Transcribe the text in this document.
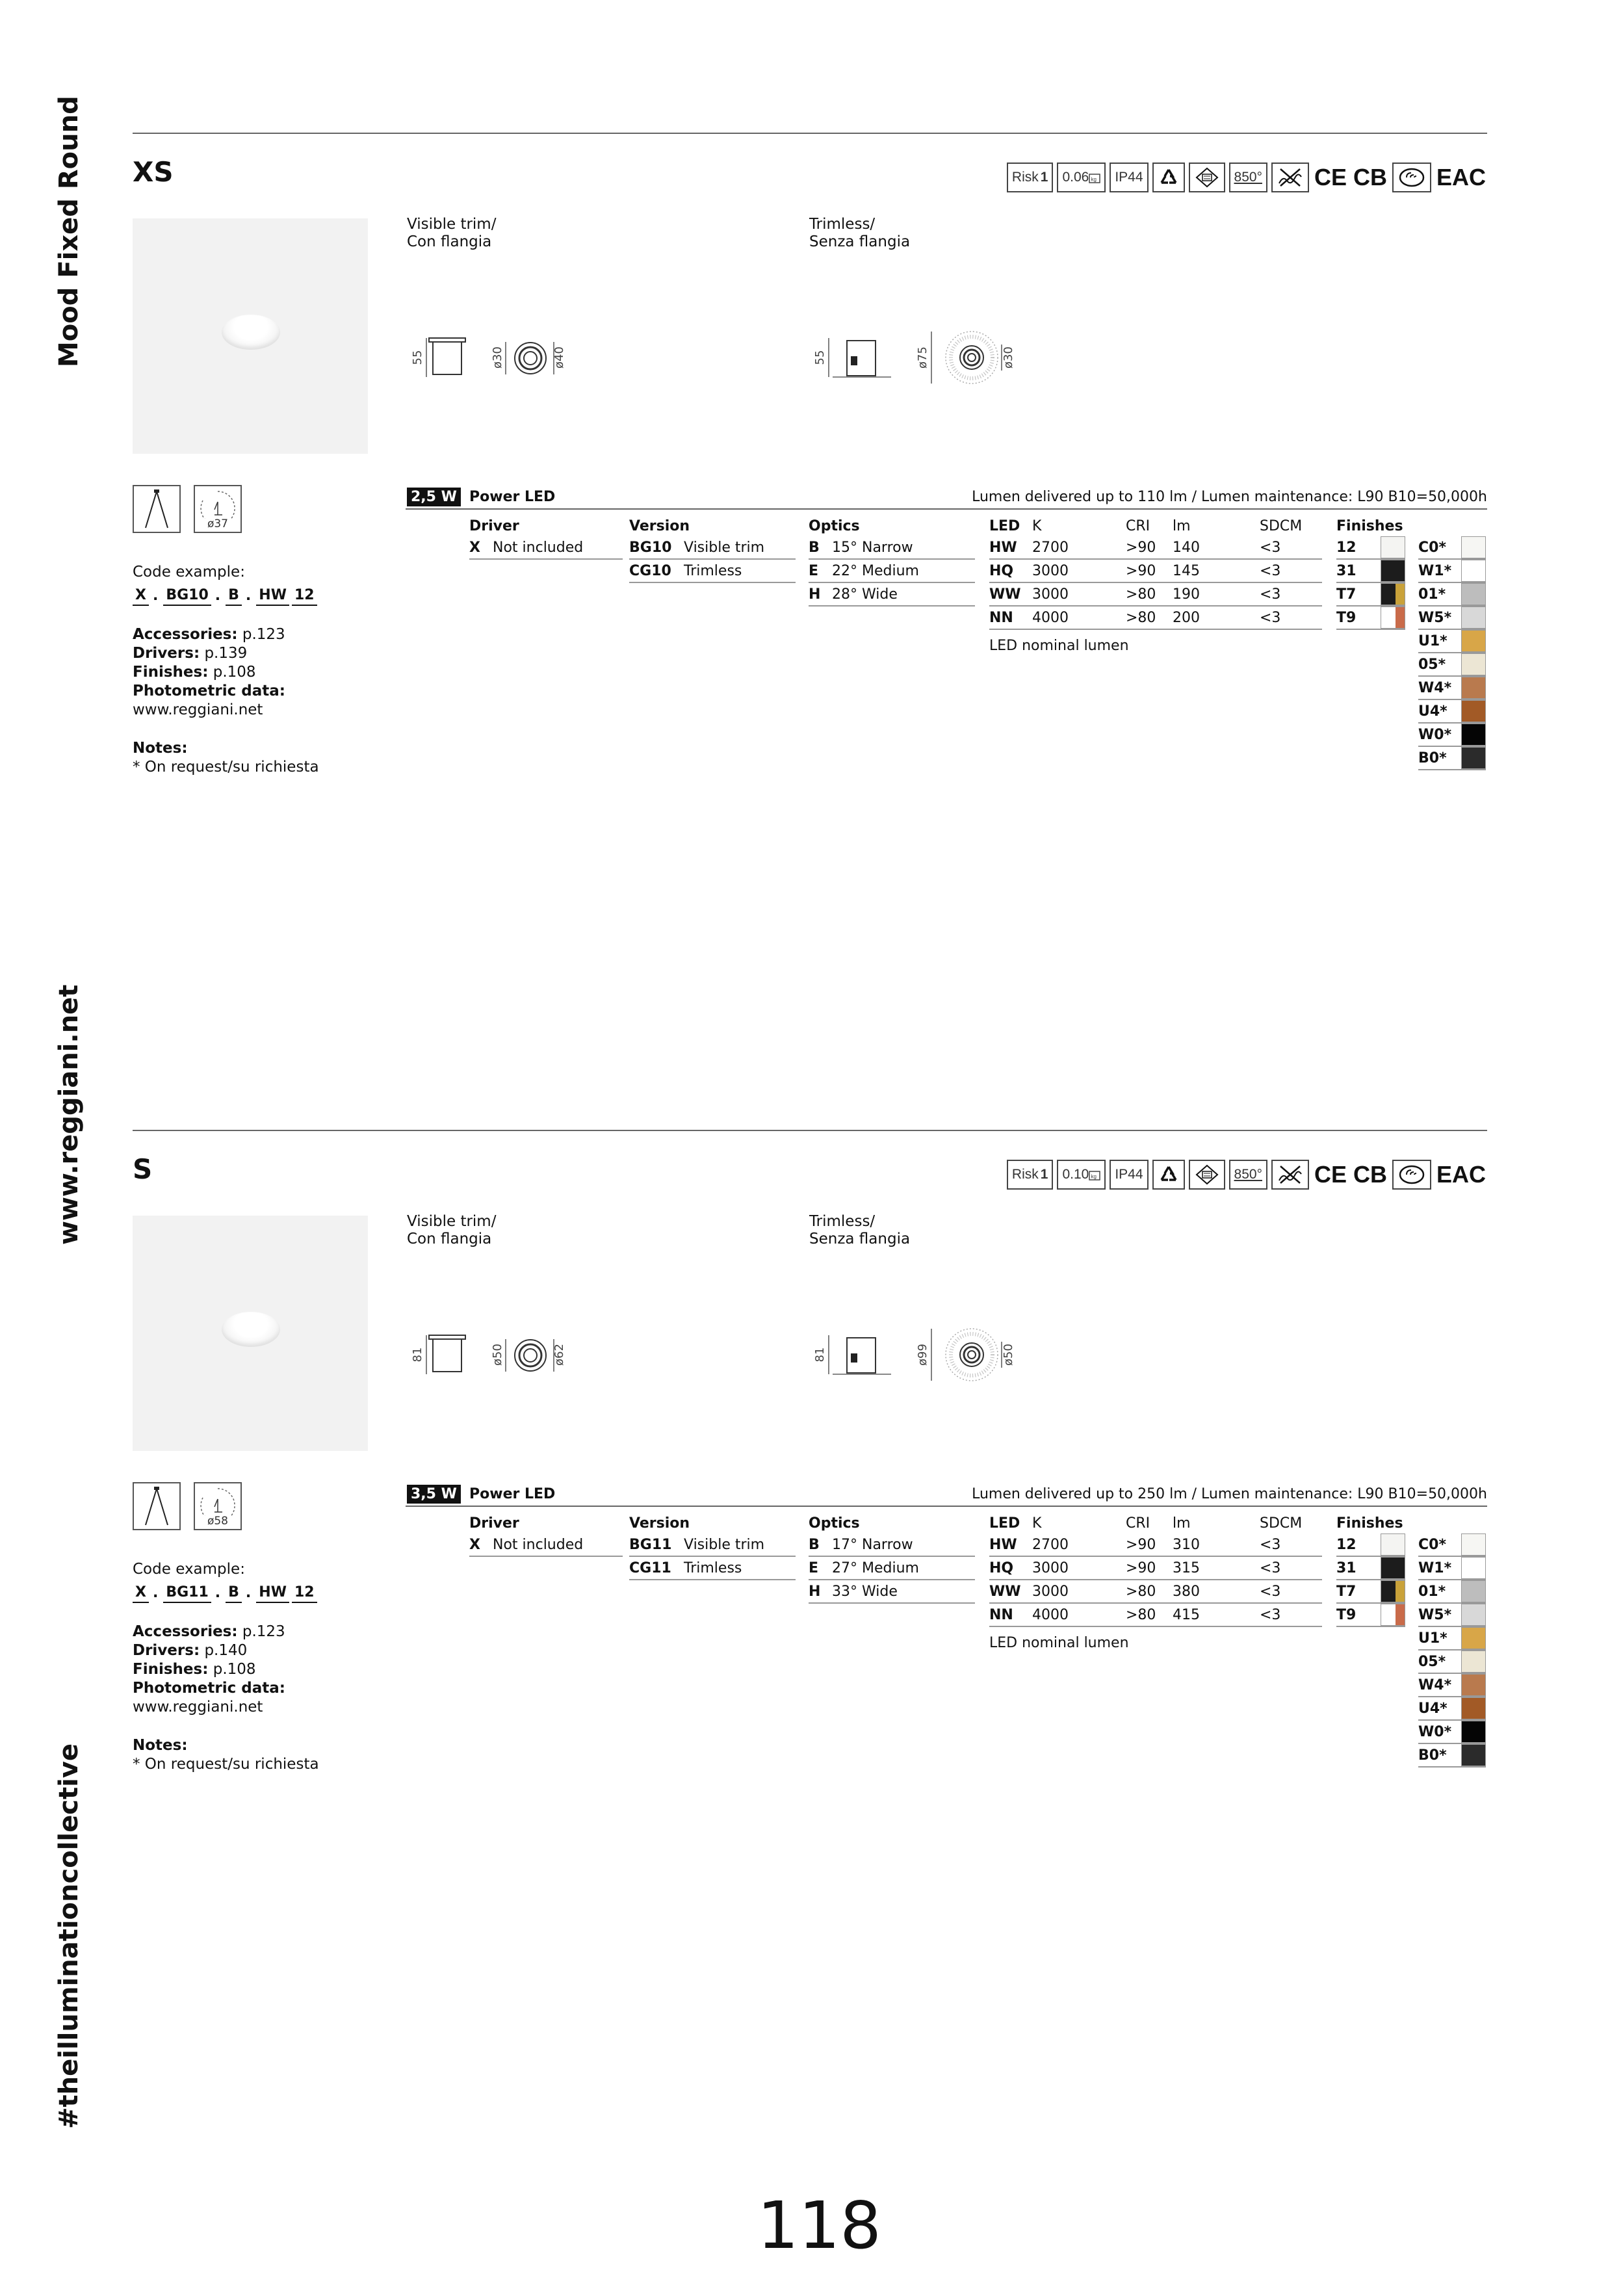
Mood Fixed Round
www.reggiani.net
#theilluminationcollective
XS	Risk 1 0.06 kg	IP44	850° CE CB EAC
Visible trim/
Con flangia
Trimless/
Senza flangia
55	ø30	ø40	55	ø75	ø30
ø37
Code example:
X . BG10 . B . HW 12
Accessories: p.123
Drivers: p.139
Finishes: p.108
Photometric data:
www.reggiani.net
Notes:
* On request/su richiesta
2,5 W Power LED	Lumen delivered up to 110 lm / Lumen maintenance: L90 B10=50,000h
Driver
X Not included
Version
BG10 Visible trim
CG10 Trimless
Optics
B 15° Narrow
E 22° Medium
H 28° Wide
LED K	CRI	lm	SDCM
HW	2700	>90	140	<3
HQ	3000	>90	145	<3
WW 3000	>80	190	<3
NN	4000	>80	200	<3
LED nominal lumen
Finishes
12
31
T7
T9
C0*
W1*
01*
W5*
U1*
05*
W4*
U4*
W0*
B0*
S	Risk 1 0.10 kg	IP44	850° CE CB EAC
Visible trim/
Con flangia
Trimless/
Senza flangia
81	ø50	ø62	81	ø99	ø50
ø58
Code example:
X . BG11 . B . HW 12
Accessories: p.123
Drivers: p.140
Finishes: p.108
Photometric data:
www.reggiani.net
Notes:
* On request/su richiesta
3,5 W Power LED	Lumen delivered up to 250 lm / Lumen maintenance: L90 B10=50,000h
Driver
X Not included
Version
BG11 Visible trim
CG11 Trimless
Optics
B 17° Narrow
E 27° Medium
H 33° Wide
LED K	CRI	lm	SDCM
HW	2700	>90	310	<3
HQ	3000	>90	315	<3
WW 3000	>80	380	<3
NN	4000	>80	415	<3
LED nominal lumen
Finishes
12
31
T7
T9
C0*
W1*
01*
W5*
U1*
05*
W4*
U4*
W0*
B0*
118
